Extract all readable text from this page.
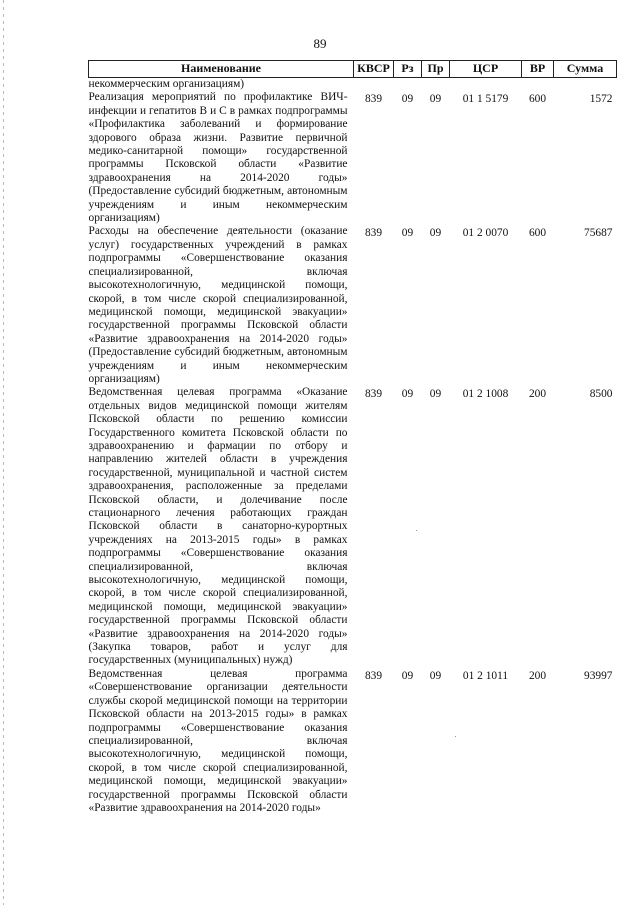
89
Наименование	КВСР	Рз	Пр	ЦСР	ВР	Сумма
некоммерческим организациям)						
Реализация мероприятий по профилактике ВИЧ-инфекции и гепатитов В и С в рамках подпрограммы «Профилактика заболеваний и формирование здорового образа жизни. Развитие первичной медико-санитарной помощи» государственной программы Псковской области «Развитие здравоохранения на 2014-2020 годы» (Предоставление субсидий бюджетным, автономным учреждениям и иным некоммерческим организациям)	839	09	09	01 1 5179	600	1572
Расходы на обеспечение деятельности (оказание услуг) государственных учреждений в рамках подпрограммы «Совершенствование оказания специализированной, включая высокотехнологичную, медицинской помощи, скорой, в том числе скорой специализированной, медицинской помощи, медицинской эвакуации» государственной программы Псковской области «Развитие здравоохранения на 2014-2020 годы» (Предоставление субсидий бюджетным, автономным учреждениям и иным некоммерческим организациям)	839	09	09	01 2 0070	600	75687
Ведомственная целевая программа «Оказание отдельных видов медицинской помощи жителям Псковской области по решению комиссии Государственного комитета Псковской области по здравоохранению и фармации по отбору и направлению жителей области в учреждения государственной, муниципальной и частной систем здравоохранения, расположенные за пределами Псковской области, и долечивание после стационарного лечения работающих граждан Псковской области в санаторно-курортных учреждениях на 2013-2015 годы» в рамках подпрограммы «Совершенствование оказания специализированной, включая высокотехнологичную, медицинской помощи, скорой, в том числе скорой специализированной, медицинской помощи, медицинской эвакуации» государственной программы Псковской области «Развитие здравоохранения на 2014-2020 годы» (Закупка товаров, работ и услуг для государственных (муниципальных) нужд)	839	09	09	01 2 1008	200	8500
Ведомственная целевая программа «Совершенствование организации деятельности службы скорой медицинской помощи на территории Псковской области на 2013-2015 годы» в рамках подпрограммы «Совершенствование оказания специализированной, включая высокотехнологичную, медицинской помощи, скорой, в том числе скорой специализированной, медицинской помощи, медицинской эвакуации» государственной программы Псковской области «Развитие здравоохранения на 2014-2020 годы»	839	09	09	01 2 1011	200	93997
